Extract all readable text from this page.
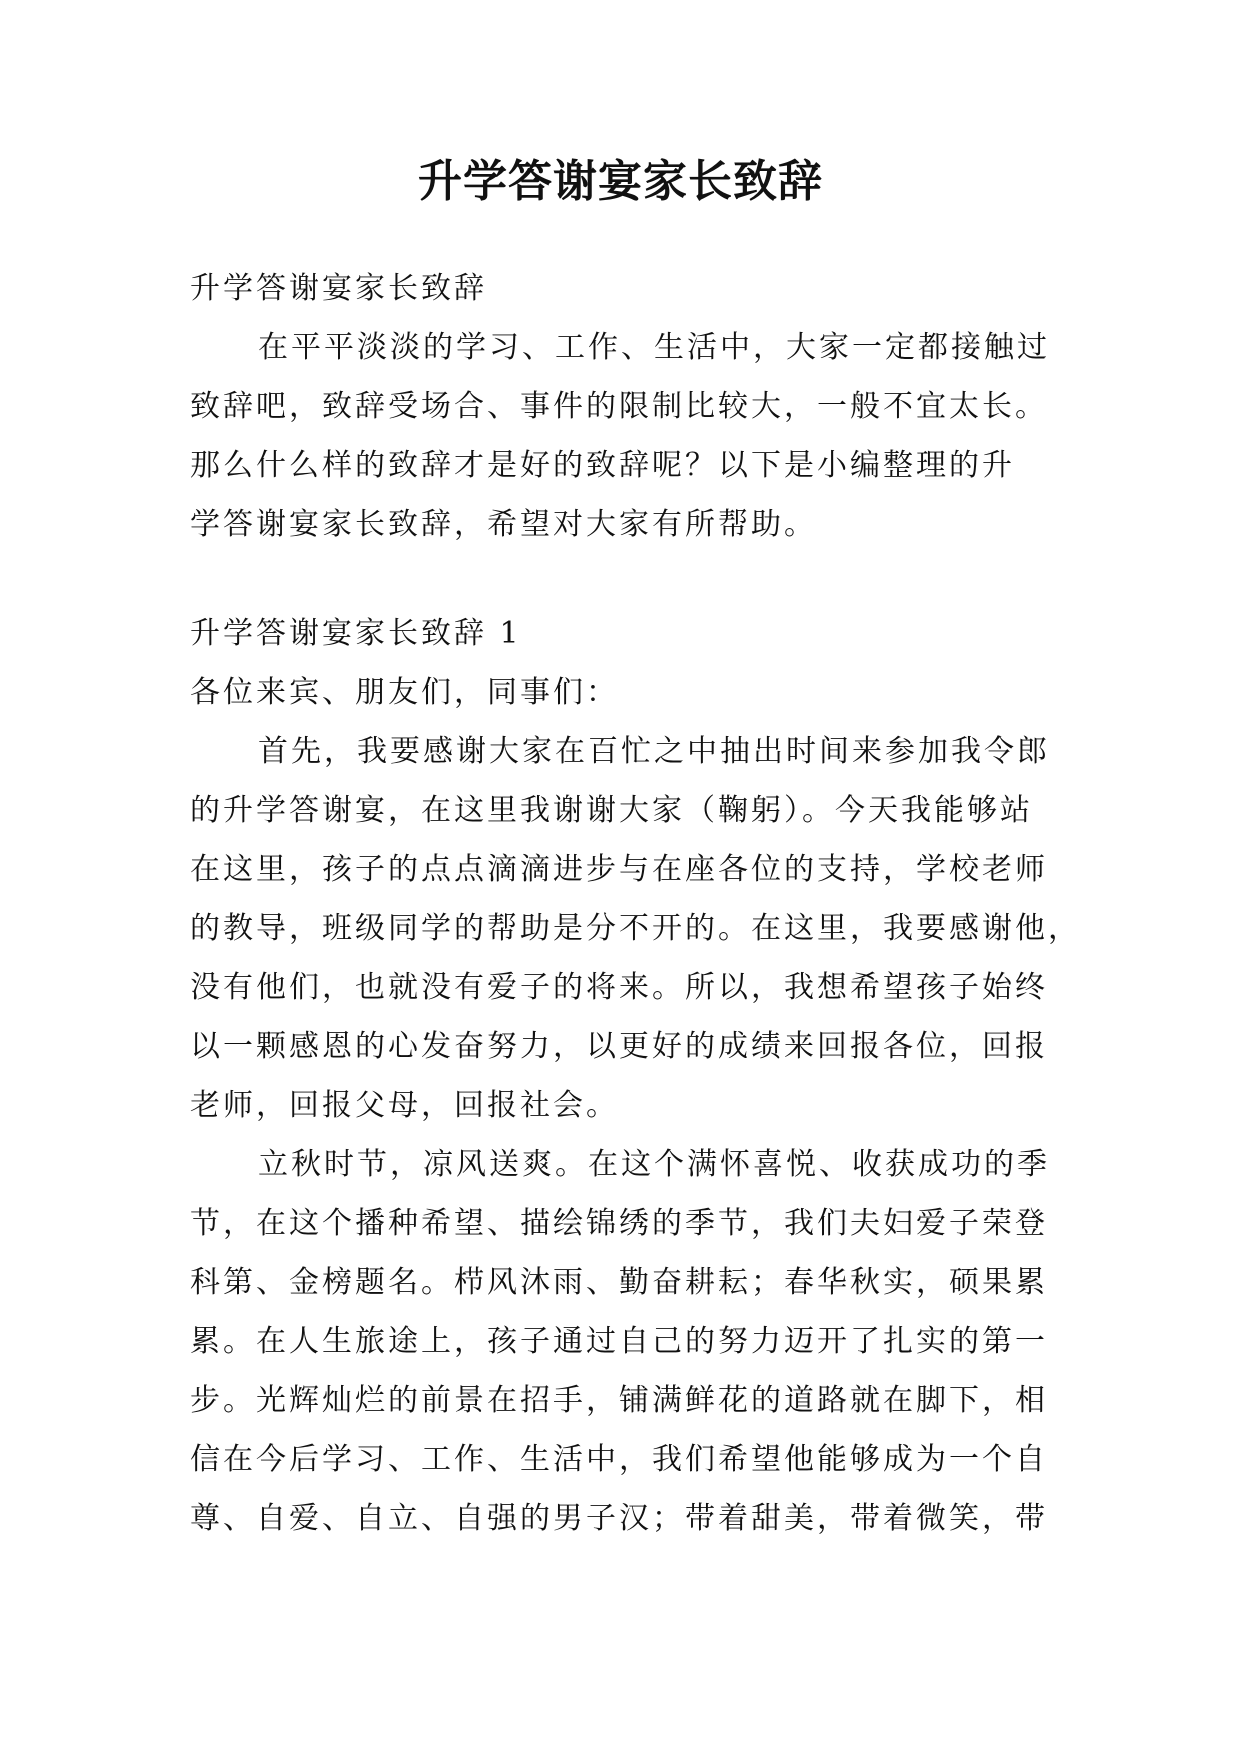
升学答谢宴家长致辞
升学答谢宴家长致辞
在平平淡淡的学习、工作、生活中，大家一定都接触过
致辞吧，致辞受场合、事件的限制比较大，一般不宜太长。
那么什么样的致辞才是好的致辞呢？以下是小编整理的升
学答谢宴家长致辞，希望对大家有所帮助。
升学答谢宴家长致辞 1
各位来宾、朋友们，同事们：
首先，我要感谢大家在百忙之中抽出时间来参加我令郎
的升学答谢宴，在这里我谢谢大家（鞠躬）。今天我能够站
在这里，孩子的点点滴滴进步与在座各位的支持，学校老师
的教导，班级同学的帮助是分不开的。在这里，我要感谢他，
没有他们，也就没有爱子的将来。所以，我想希望孩子始终
以一颗感恩的心发奋努力，以更好的成绩来回报各位，回报
老师，回报父母，回报社会。
立秋时节，凉风送爽。在这个满怀喜悦、收获成功的季
节，在这个播种希望、描绘锦绣的季节，我们夫妇爱子荣登
科第、金榜题名。栉风沐雨、勤奋耕耘；春华秋实，硕果累
累。在人生旅途上，孩子通过自己的努力迈开了扎实的第一
步。光辉灿烂的前景在招手，铺满鲜花的道路就在脚下，相
信在今后学习、工作、生活中，我们希望他能够成为一个自
尊、自爱、自立、自强的男子汉；带着甜美，带着微笑，带
